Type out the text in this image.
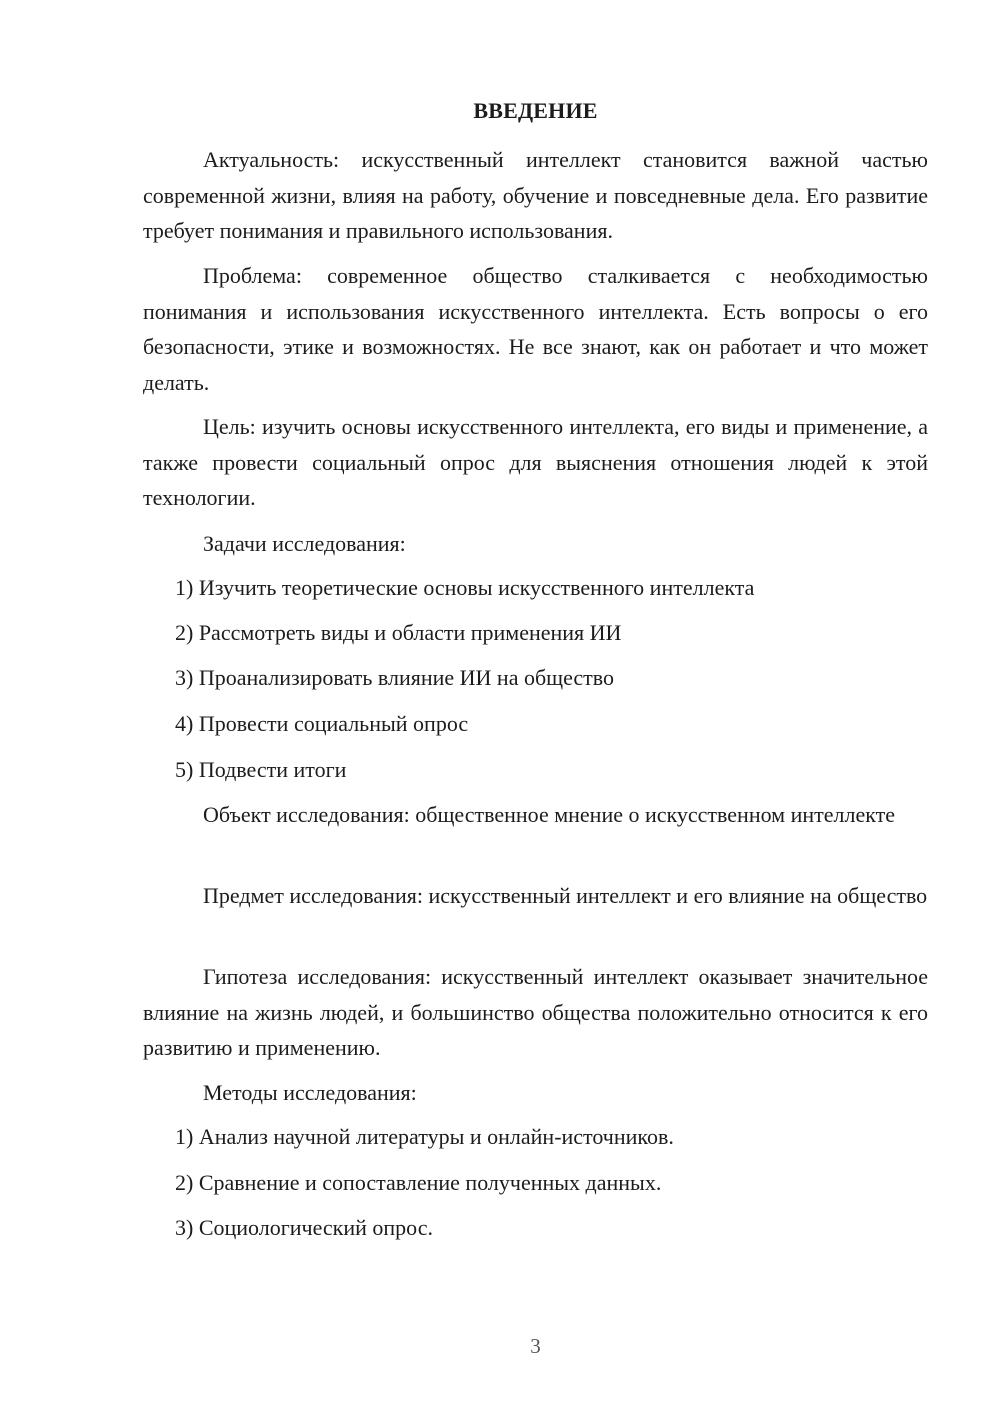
ВВЕДЕНИЕ

Актуальность: искусственный интеллект становится важной частью современной жизни, влияя на работу, обучение и повседневные дела. Его развитие требует понимания и правильного использования.

Проблема: современное общество сталкивается с необходимостью понимания и использования искусственного интеллекта. Есть вопросы о его безопасности, этике и возможностях. Не все знают, как он работает и что может делать.

Цель: изучить основы искусственного интеллекта, его виды и применение, а также провести социальный опрос для выяснения отношения людей к этой технологии.

Задачи исследования:

1) Изучить теоретические основы искусственного интеллекта
2) Рассмотреть виды и области применения ИИ
3) Проанализировать влияние ИИ на общество
4) Провести социальный опрос
5) Подвести итоги

Объект исследования: общественное мнение о искусственном интеллекте

Предмет исследования: искусственный интеллект и его влияние на общество

Гипотеза исследования: искусственный интеллект оказывает значительное влияние на жизнь людей, и большинство общества положительно относится к его развитию и применению.

Методы исследования:

1) Анализ научной литературы и онлайн-источников.
2) Сравнение и сопоставление полученных данных.
3) Социологический опрос.
3
